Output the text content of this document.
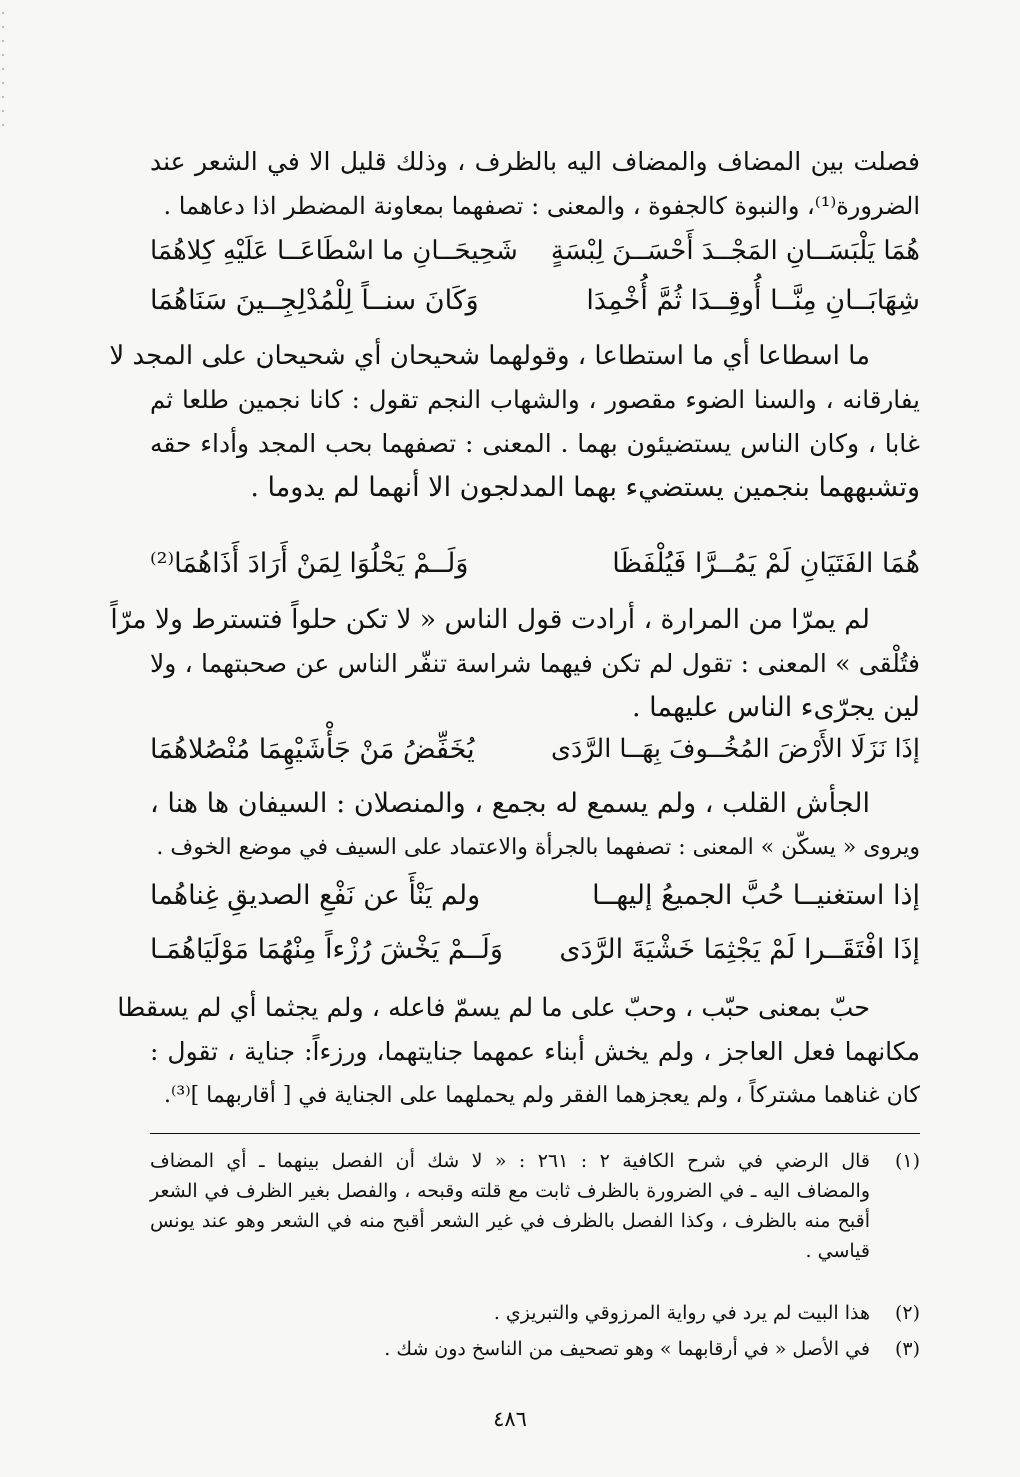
فصلت بين المضاف والمضاف اليه بالظرف ، وذلك قليل الا في الشعر عند
الضرورة⁽¹⁾، والنبوة كالجفوة ، والمعنى : تصفهما بمعاونة المضطر اذا دعاهما .
هُمَا يَلْبَسَــانِ المَجْــدَ أَحْسَــنَ لِبْسَةٍ
شَحِيحَــانِ ما اسْطَاعَــا عَلَيْهِ كِلاهُمَا
شِهَابَــانِ مِنَّــا أُوقِــدَا ثُمَّ أُخْمِدَا
وَكَانَ سنــاً لِلْمُدْلِجِــينَ سَنَاهُمَا
ما اسطاعا أي ما استطاعا ، وقولهما شحيحان أي شحيحان على المجد لا
يفارقانه ، والسنا الضوء مقصور ، والشهاب النجم تقول : كانا نجمين طلعا ثم
غابا ، وكان الناس يستضيئون بهما . المعنى : تصفهما بحب المجد وأداء حقه
وتشبههما بنجمين يستضيء بهما المدلجون الا أنهما لم يدوما .
هُمَا الفَتَيَانِ لَمْ يَمُــرَّا فَيُلْفَظَا
وَلَــمْ يَحْلُوَا لِمَنْ أَرَادَ أَذَاهُمَا⁽²⁾
لم يمرّا من المرارة ، أرادت قول الناس « لا تكن حلواً فتسترط ولا مرّاً
فتُلْقى » المعنى : تقول لم تكن فيهما شراسة تنفّر الناس عن صحبتهما ، ولا
لين يجرّىء الناس عليهما .
إذَا نَزَلَا الأَرْضَ المُخُــوفَ بِهَــا الرَّدَى
يُخَفِّضُ مَنْ جَأْشَيْهِمَا مُنْصُلاهُمَا
الجأش القلب ، ولم يسمع له بجمع ، والمنصلان : السيفان ها هنا ،
ويروى « يسكّن » المعنى : تصفهما بالجرأة والاعتماد على السيف في موضع الخوف .
إذا استغنيــا حُبَّ الجميعُ إليهــا
ولم يَنْأَ عن نَفْعِ الصديقِ غِناهُما
إذَا افْتَقَــرا لَمْ يَجْثِمَا خَشْيَةَ الرَّدَى
وَلَــمْ يَخْشَ رُزْءاً مِنْهُمَا مَوْلَيَاهُمَـا
حبّ بمعنى حبّب ، وحبّ على ما لم يسمّ فاعله ، ولم يجثما أي لم يسقطا
مكانهما فعل العاجز ، ولم يخش أبناء عمهما جنايتهما، ورزءاً: جناية ، تقول :
كان غناهما مشتركاً ، ولم يعجزهما الفقر ولم يحملهما على الجناية في [ أقاربهما ]⁽³⁾.
(١)
قال الرضي في شرح الكافية ٢ : ٢٦١ : « لا شك أن الفصل بينهما ـ أي المضاف
والمضاف اليه ـ في الضرورة بالظرف ثابت مع قلته وقبحه ، والفصل بغير الظرف في الشعر
أقبح منه بالظرف ، وكذا الفصل بالظرف في غير الشعر أقبح منه في الشعر وهو عند يونس
قياسي .
(٢)
هذا البيت لم يرد في رواية المرزوقي والتبريزي .
(٣)
في الأصل « في أرقابهما » وهو تصحيف من الناسخ دون شك .
٤٨٦
